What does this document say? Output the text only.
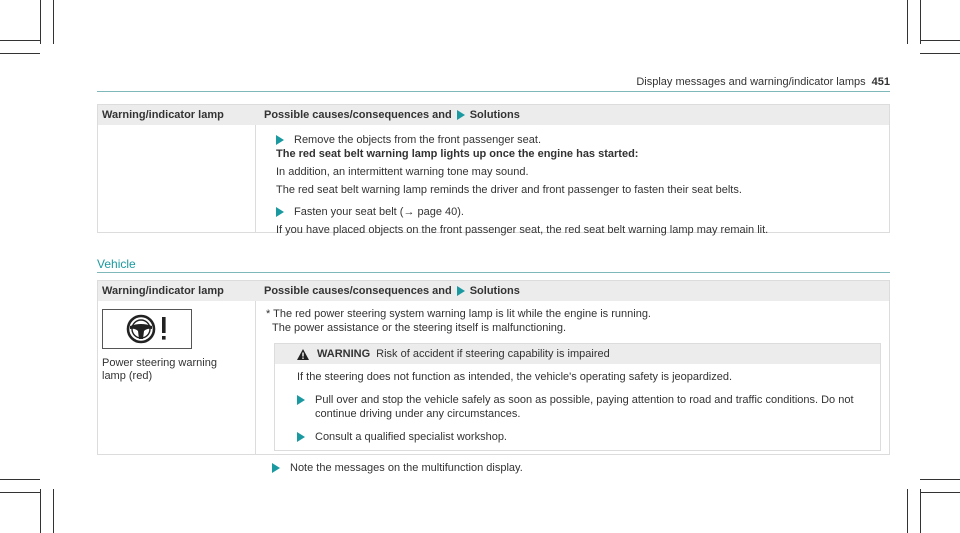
Display messages and warning/indicator lamps 451
Warning/indicator lamp	Possible causes/consequences and Solutions
Remove the objects from the front passenger seat.

The red seat belt warning lamp lights up once the engine has started:

In addition, an intermittent warning tone may sound.

The red seat belt warning lamp reminds the driver and front passenger to fasten their seat belts.

Fasten your seat belt (→ page 40).

If you have placed objects on the front passenger seat, the red seat belt warning lamp may remain lit.

Vehicle
Warning/indicator lamp	Possible causes/consequences and Solutions

Power steering warning lamp (red)

* The red power steering system warning lamp is lit while the engine is running.

The power assistance or the steering itself is malfunctioning.

WARNING Risk of accident if steering capability is impaired

If the steering does not function as intended, the vehicle's operating safety is jeopardized.

Pull over and stop the vehicle safely as soon as possible, paying attention to road and traffic conditions. Do not continue driving under any circumstances.
Consult a qualified specialist workshop.
Note the messages on the multifunction display.
